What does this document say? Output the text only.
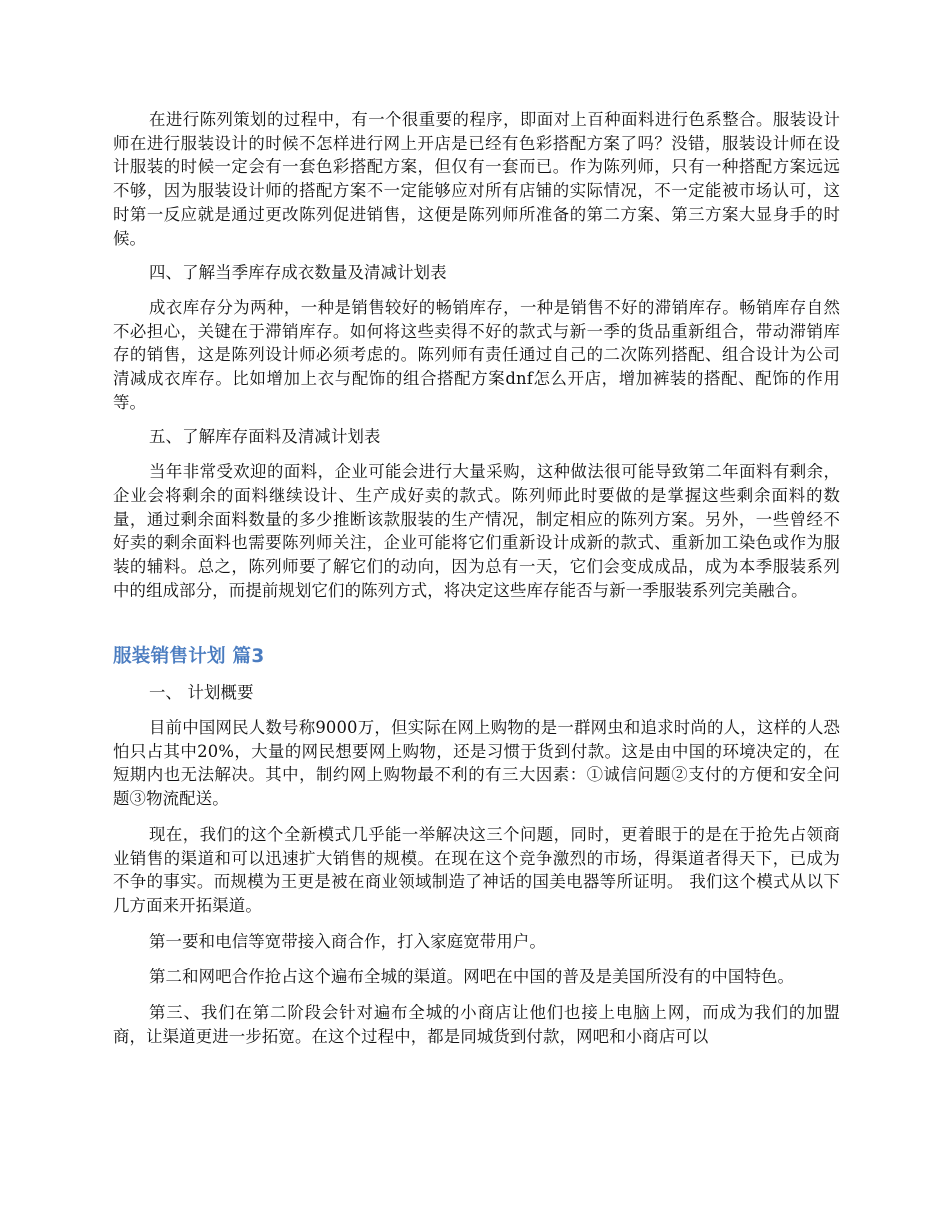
在进行陈列策划的过程中，有一个很重要的程序，即面对上百种面料进行色系整合。服装设计师在进行服装设计的时候不怎样进行网上开店是已经有色彩搭配方案了吗？没错，服装设计师在设计服装的时候一定会有一套色彩搭配方案，但仅有一套而已。作为陈列师，只有一种搭配方案远远不够，因为服装设计师的搭配方案不一定能够应对所有店铺的实际情况，不一定能被市场认可，这时第一反应就是通过更改陈列促进销售，这便是陈列师所准备的第二方案、第三方案大显身手的时候。

四、了解当季库存成衣数量及清减计划表

成衣库存分为两种，一种是销售较好的畅销库存，一种是销售不好的滞销库存。畅销库存自然不必担心，关键在于滞销库存。如何将这些卖得不好的款式与新一季的货品重新组合，带动滞销库存的销售，这是陈列设计师必须考虑的。陈列师有责任通过自己的二次陈列搭配、组合设计为公司清减成衣库存。比如增加上衣与配饰的组合搭配方案dnf怎么开店，增加裤装的搭配、配饰的作用等。

五、了解库存面料及清减计划表

当年非常受欢迎的面料，企业可能会进行大量采购，这种做法很可能导致第二年面料有剩余，企业会将剩余的面料继续设计、生产成好卖的款式。陈列师此时要做的是掌握这些剩余面料的数量，通过剩余面料数量的多少推断该款服装的生产情况，制定相应的陈列方案。另外，一些曾经不好卖的剩余面料也需要陈列师关注，企业可能将它们重新设计成新的款式、重新加工染色或作为服装的辅料。总之，陈列师要了解它们的动向，因为总有一天，它们会变成成品，成为本季服装系列中的组成部分，而提前规划它们的陈列方式，将决定这些库存能否与新一季服装系列完美融合。

服装销售计划 篇3

一、 计划概要

目前中国网民人数号称9000万，但实际在网上购物的是一群网虫和追求时尚的人，这样的人恐怕只占其中20%，大量的网民想要网上购物，还是习惯于货到付款。这是由中国的环境决定的，在短期内也无法解决。其中，制约网上购物最不利的有三大因素：①诚信问题②支付的方便和安全问题③物流配送。

现在，我们的这个全新模式几乎能一举解决这三个问题，同时，更着眼于的是在于抢先占领商业销售的渠道和可以迅速扩大销售的规模。在现在这个竞争激烈的市场，得渠道者得天下，已成为不争的事实。而规模为王更是被在商业领域制造了神话的国美电器等所证明。 我们这个模式从以下几方面来开拓渠道。

第一要和电信等宽带接入商合作，打入家庭宽带用户。

第二和网吧合作抢占这个遍布全城的渠道。网吧在中国的普及是美国所没有的中国特色。

第三、我们在第二阶段会针对遍布全城的小商店让他们也接上电脑上网，而成为我们的加盟商，让渠道更进一步拓宽。在这个过程中，都是同城货到付款，网吧和小商店可以
